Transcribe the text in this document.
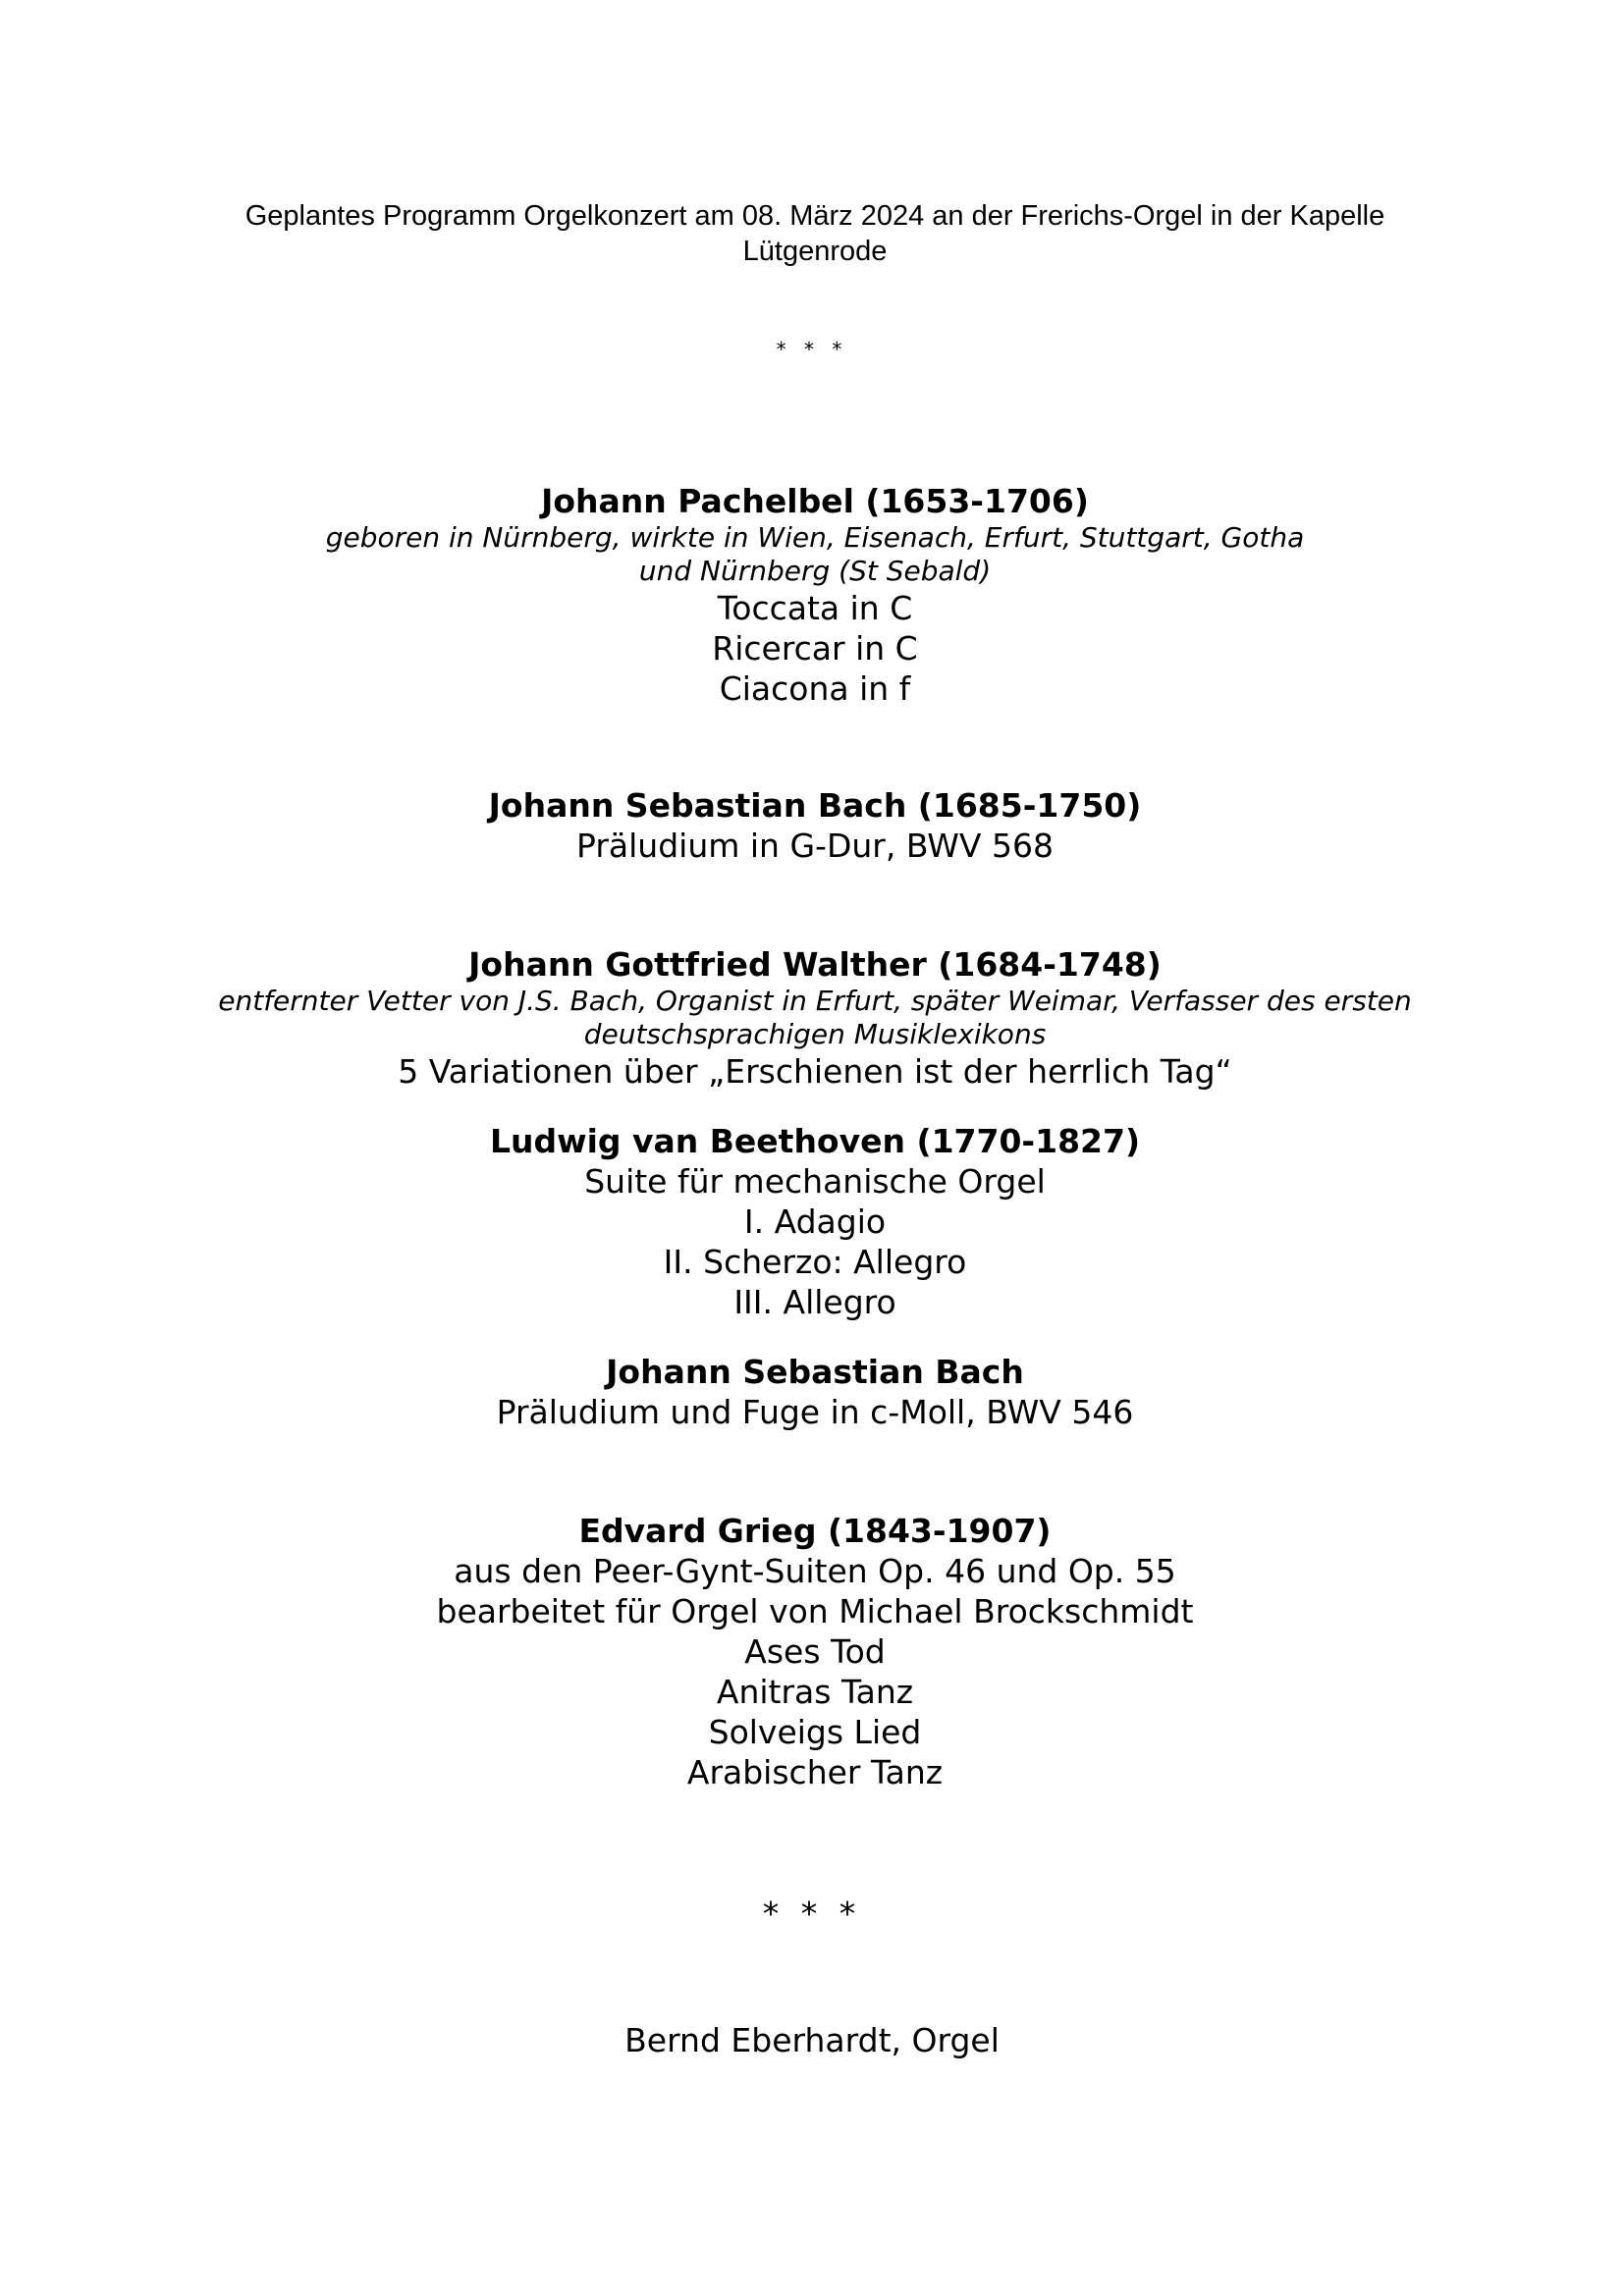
Geplantes Programm Orgelkonzert am 08. März 2024 an der Frerichs-Orgel in der Kapelle
Lütgenrode
* * *
Johann Pachelbel (1653-1706)
geboren in Nürnberg, wirkte in Wien, Eisenach, Erfurt, Stuttgart, Gotha
und Nürnberg (St Sebald)
Toccata in C
Ricercar in C
Ciacona in f
Johann Sebastian Bach (1685-1750)
Präludium in G-Dur, BWV 568
Johann Gottfried Walther (1684-1748)
entfernter Vetter von J.S. Bach, Organist in Erfurt, später Weimar, Verfasser des ersten
deutschsprachigen Musiklexikons
5 Variationen über „Erschienen ist der herrlich Tag“
Ludwig van Beethoven (1770-1827)
Suite für mechanische Orgel
I. Adagio
II. Scherzo: Allegro
III. Allegro
Johann Sebastian Bach
Präludium und Fuge in c-Moll, BWV 546
Edvard Grieg (1843-1907)
aus den Peer-Gynt-Suiten Op. 46 und Op. 55
bearbeitet für Orgel von Michael Brockschmidt
Ases Tod
Anitras Tanz
Solveigs Lied
Arabischer Tanz
* * *
Bernd Eberhardt, Orgel
